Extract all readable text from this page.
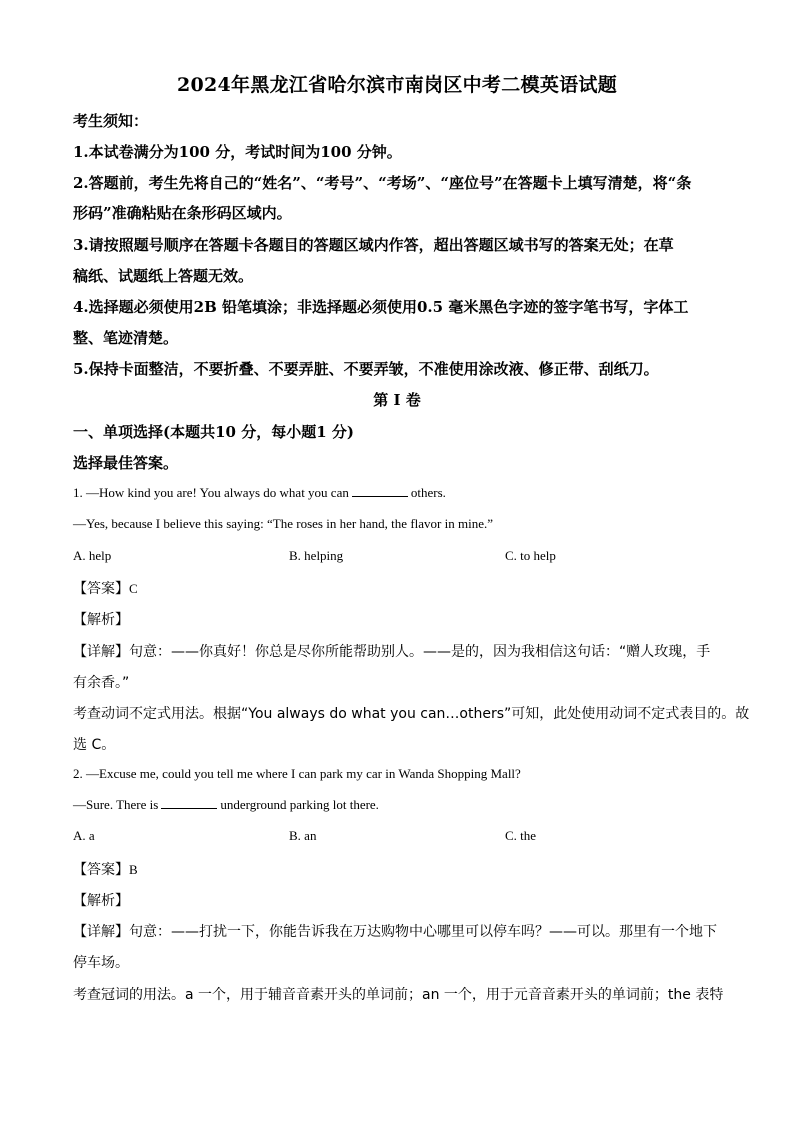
2024年黑龙江省哈尔滨市南岗区中考二模英语试题
考生须知：
1.本试卷满分为100 分，考试时间为100 分钟。
2.答题前，考生先将自己的“姓名”、“考号”、“考场”、“座位号”在答题卡上填写清楚，将“条
形码”准确粘贴在条形码区域内。
3.请按照题号顺序在答题卡各题目的答题区域内作答，超出答题区域书写的答案无处；在草
稿纸、试题纸上答题无效。
4.选择题必须使用2B 铅笔填涂；非选择题必须使用0.5 毫米黑色字迹的签字笔书写，字体工
整、笔迹清楚。
5.保持卡面整洁，不要折叠、不要弄脏、不要弄皱，不准使用涂改液、修正带、刮纸刀。
第 I 卷
一、单项选择(本题共10 分，每小题1 分)
选择最佳答案。
1. —How kind you are! You always do what you can	others.
—Yes, because I believe this saying: “The roses in her hand, the flavor in mine.”
A. help	B. helping	C. to help
【答案】C
【解析】
【详解】句意：——你真好！你总是尽你所能帮助别人。——是的，因为我相信这句话：“赠人玫瑰，手
有余香。”
考查动词不定式用法。根据“You always do what you can…others”可知，此处使用动词不定式表目的。故
选 C。
2. —Excuse me, could you tell me where I can park my car in Wanda Shopping Mall?
—Sure. There is	underground parking lot there.
A. a	B. an	C. the
【答案】B
【解析】
【详解】句意：——打扰一下，你能告诉我在万达购物中心哪里可以停车吗？——可以。那里有一个地下
停车场。
考查冠词的用法。a 一个，用于辅音音素开头的单词前；an 一个，用于元音音素开头的单词前；the 表特
